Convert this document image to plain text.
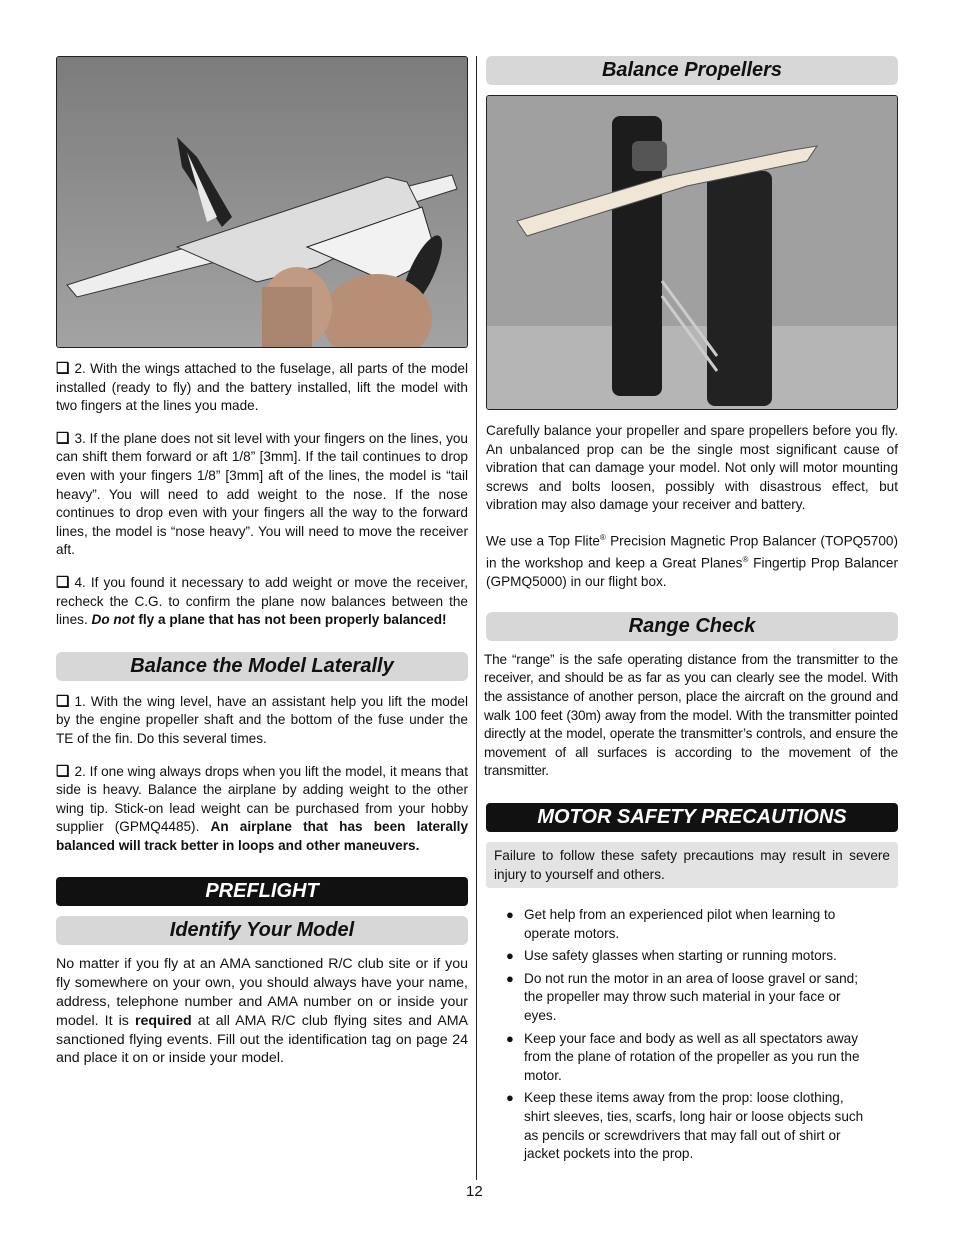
❏ 2. With the wings attached to the fuselage, all parts of the model installed (ready to fly) and the battery installed, lift the model with two fingers at the lines you made.

❏ 3. If the plane does not sit level with your fingers on the lines, you can shift them forward or aft 1/8” [3mm]. If the tail continues to drop even with your fingers 1/8” [3mm] aft of the lines, the model is “tail heavy”. You will need to add weight to the nose. If the nose continues to drop even with your fingers all the way to the forward lines, the model is “nose heavy”. You will need to move the receiver aft.

❏ 4. If you found it necessary to add weight or move the receiver, recheck the C.G. to confirm the plane now balances between the lines. Do not fly a plane that has not been properly balanced!

Balance the Model Laterally

❏ 1. With the wing level, have an assistant help you lift the model by the engine propeller shaft and the bottom of the fuse under the TE of the fin. Do this several times.

❏ 2. If one wing always drops when you lift the model, it means that side is heavy. Balance the airplane by adding weight to the other wing tip. Stick-on lead weight can be purchased from your hobby supplier (GPMQ4485). An airplane that has been laterally balanced will track better in loops and other maneuvers.

PREFLIGHT
Identify Your Model

No matter if you fly at an AMA sanctioned R/C club site or if you fly somewhere on your own, you should always have your name, address, telephone number and AMA number on or inside your model. It is required at all AMA R/C club flying sites and AMA sanctioned flying events. Fill out the identification tag on page 24 and place it on or inside your model.

Balance Propellers

Carefully balance your propeller and spare propellers before you fly. An unbalanced prop can be the single most significant cause of vibration that can damage your model. Not only will motor mounting screws and bolts loosen, possibly with disastrous effect, but vibration may also damage your receiver and battery.

We use a Top Flite® Precision Magnetic Prop Balancer (TOPQ5700) in the workshop and keep a Great Planes® Fingertip Prop Balancer (GPMQ5000) in our flight box.

Range Check

The “range” is the safe operating distance from the transmitter to the receiver, and should be as far as you can clearly see the model. With the assistance of another person, place the aircraft on the ground and walk 100 feet (30m) away from the model. With the transmitter pointed directly at the model, operate the transmitter’s controls, and ensure the movement of all surfaces is according to the movement of the transmitter.

MOTOR SAFETY PRECAUTIONS
Failure to follow these safety precautions may result in severe injury to yourself and others.
● Get help from an experienced pilot when learning to operate motors.
● Use safety glasses when starting or running motors.
● Do not run the motor in an area of loose gravel or sand; the propeller may throw such material in your face or eyes.
● Keep your face and body as well as all spectators away from the plane of rotation of the propeller as you run the motor.
● Keep these items away from the prop: loose clothing, shirt sleeves, ties, scarfs, long hair or loose objects such as pencils or screwdrivers that may fall out of shirt or jacket pockets into the prop.
12
